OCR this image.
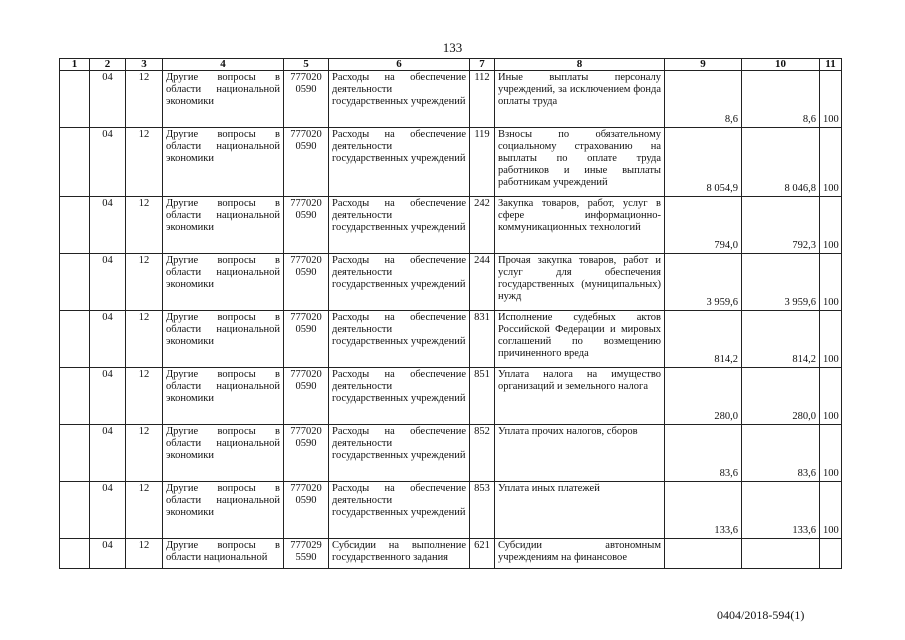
133
1	2	3	4	5	6	7	8	9	10	11
	04	12	Другие вопросы в области национальной экономики	777020 0590	Расходы на обеспечение деятельности государственных учреждений	112	Иные выплаты персоналу учреждений, за исключением фонда оплаты труда	8,6	8,6	100
	04	12	Другие вопросы в области национальной экономики	777020 0590	Расходы на обеспечение деятельности государственных учреждений	119	Взносы по обязательному социальному страхованию на выплаты по оплате труда работников и иные выплаты работникам учреждений	8 054,9	8 046,8	100
	04	12	Другие вопросы в области национальной экономики	777020 0590	Расходы на обеспечение деятельности государственных учреждений	242	Закупка товаров, работ, услуг в сфере информационно-коммуникационных технологий	794,0	792,3	100
	04	12	Другие вопросы в области национальной экономики	777020 0590	Расходы на обеспечение деятельности государственных учреждений	244	Прочая закупка товаров, работ и услуг для обеспечения государственных (муниципальных) нужд	3 959,6	3 959,6	100
	04	12	Другие вопросы в области национальной экономики	777020 0590	Расходы на обеспечение деятельности государственных учреждений	831	Исполнение судебных актов Российской Федерации и мировых соглашений по возмещению причиненного вреда	814,2	814,2	100
	04	12	Другие вопросы в области национальной экономики	777020 0590	Расходы на обеспечение деятельности государственных учреждений	851	Уплата налога на имущество организаций и земельного налога	280,0	280,0	100
	04	12	Другие вопросы в области национальной экономики	777020 0590	Расходы на обеспечение деятельности государственных учреждений	852	Уплата прочих налогов, сборов	83,6	83,6	100
	04	12	Другие вопросы в области национальной экономики	777020 0590	Расходы на обеспечение деятельности государственных учреждений	853	Уплата иных платежей	133,6	133,6	100
	04	12	Другие вопросы в области национальной	777029 5590	Субсидии на выполнение государственного задания	621	Субсидии автономным учреждениям на финансовое			
0404/2018-594(1)
